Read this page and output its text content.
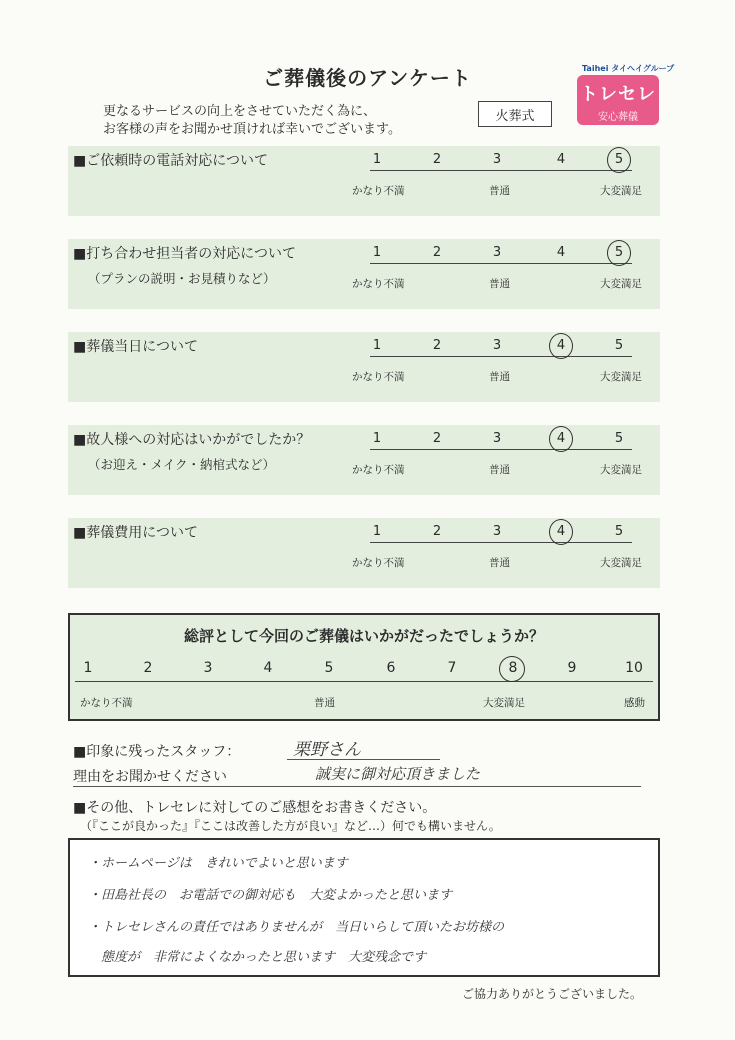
ご葬儀後のアンケート
更なるサービスの向上をさせていただく為に、
お客様の声をお聞かせ頂ければ幸いでございます。
火葬式
Taihei タイヘイグループ
トレセレ
安心葬儀
■ご依頼時の電話対応について	1	2	3	4	5
かなり不満	普通	大変満足
■打ち合わせ担当者の対応について
（プランの説明・お見積りなど）
1	2	3	4	5
かなり不満	普通	大変満足
■葬儀当日について	1	2	3	4	5
かなり不満	普通	大変満足
■故人様への対応はいかがでしたか？
（お迎え・メイク・納棺式など）
1	2	3	4	5
かなり不満	普通	大変満足
■葬儀費用について	1	2	3	4	5
かなり不満	普通	大変満足
総評として今回のご葬儀はいかがだったでしょうか？
1	2	3	4	5	6	7	8	9	10
かなり不満	普通	大変満足	感動
■印象に残ったスタッフ：	栗野さん
理由をお聞かせください	誠実に御対応頂きました
■その他、トレセレに対してのご感想をお書きください。
（『ここが良かった』『ここは改善した方が良い』など…）何でも構いません。
・ホームページは　きれいでよいと思います
・田島社長の　お電話での御対応も　大変よかったと思います
・トレセレさんの責任ではありませんが　当日いらして頂いたお坊様の
　態度が　非常によくなかったと思います　大変残念です
ご協力ありがとうございました。
